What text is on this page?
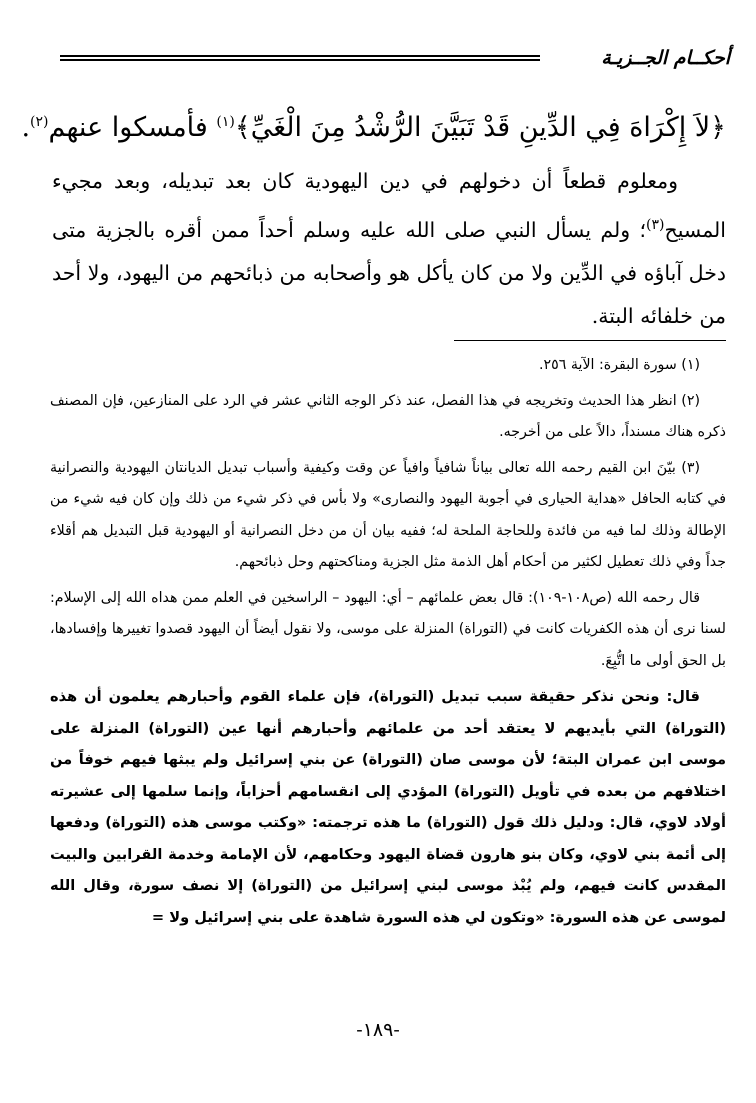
أحكــام الجــزيـة
﴿لاَ إِكْرَاهَ فِي الدِّينِ قَدْ تَبَيَّنَ الرُّشْدُ مِنَ الْغَيِّ﴾$^{(١)}$ فأمسكوا عنهم$^{(٢)}$.

ومعلوم قطعاً أن دخولهم في دين اليهودية كان بعد تبديله، وبعد مجيء المسيح$^{(٣)}$؛ ولم يسأل النبي صلى الله عليه وسلم أحداً ممن أقره بالجزية متى دخل آباؤه في الدِّين ولا من كان يأكل هو وأصحابه من ذبائحهم من اليهود، ولا أحد من خلفائه البتة.

(١) سورة البقرة: الآية ٢٥٦.

(٢) انظر هذا الحديث وتخريجه في هذا الفصل، عند ذكر الوجه الثاني عشر في الرد على المنازعين، فإن المصنف ذكره هناك مسنداً، دالاً على من أخرجه.

(٣) بيّنَ ابن القيم رحمه الله تعالى بياناً شافياً وافياً عن وقت وكيفية وأسباب تبديل الديانتان اليهودية والنصرانية في كتابه الحافل «هداية الحيارى في أجوبة اليهود والنصارى» ولا بأس في ذكر شيء من ذلك وإن كان فيه شيء من الإطالة وذلك لما فيه من فائدة وللحاجة الملحة له؛ ففيه بيان أن من دخل النصرانية أو اليهودية قبل التبديل هم أقلاء جداً وفي ذلك تعطيل لكثير من أحكام أهل الذمة مثل الجزية ومناكحتهم وحل ذبائحهم.

قال رحمه الله (ص١٠٨-١٠٩): قال بعض علمائهم – أي: اليهود – الراسخين في العلم ممن هداه الله إلى الإسلام: لسنا نرى أن هذه الكفريات كانت في (التوراة) المنزلة على موسى، ولا نقول أيضاً أن اليهود قصدوا تغييرها وإفسادها، بل الحق أولى ما اتُّبِعَ.

قال: ونحن نذكر حقيقة سبب تبديل (التوراة)، فإن علماء القوم وأحبارهم يعلمون أن هذه (التوراة) التي بأيديهم لا يعتقد أحد من علمائهم وأحبارهم أنها عين (التوراة) المنزلة على موسى ابن عمران البتة؛ لأن موسى صان (التوراة) عن بني إسرائيل ولم يبثها فيهم خوفاً من اختلافهم من بعده في تأويل (التوراة) المؤدي إلى انقسامهم أحزاباً، وإنما سلمها إلى عشيرته أولاد لاوي، قال: ودليل ذلك قول (التوراة) ما هذه ترجمته: «وكتب موسى هذه (التوراة) ودفعها إلى أئمة بني لاوي، وكان بنو هارون قضاة اليهود وحكامهم، لأن الإمامة وخدمة القرابين والبيت المقدس كانت فيهم، ولم يُبْذ موسى لبني إسرائيل من (التوراة) إلا نصف سورة، وقال الله لموسى عن هذه السورة: «وتكون لي هذه السورة شاهدة على بني إسرائيل ولا =

-١٨٩-
